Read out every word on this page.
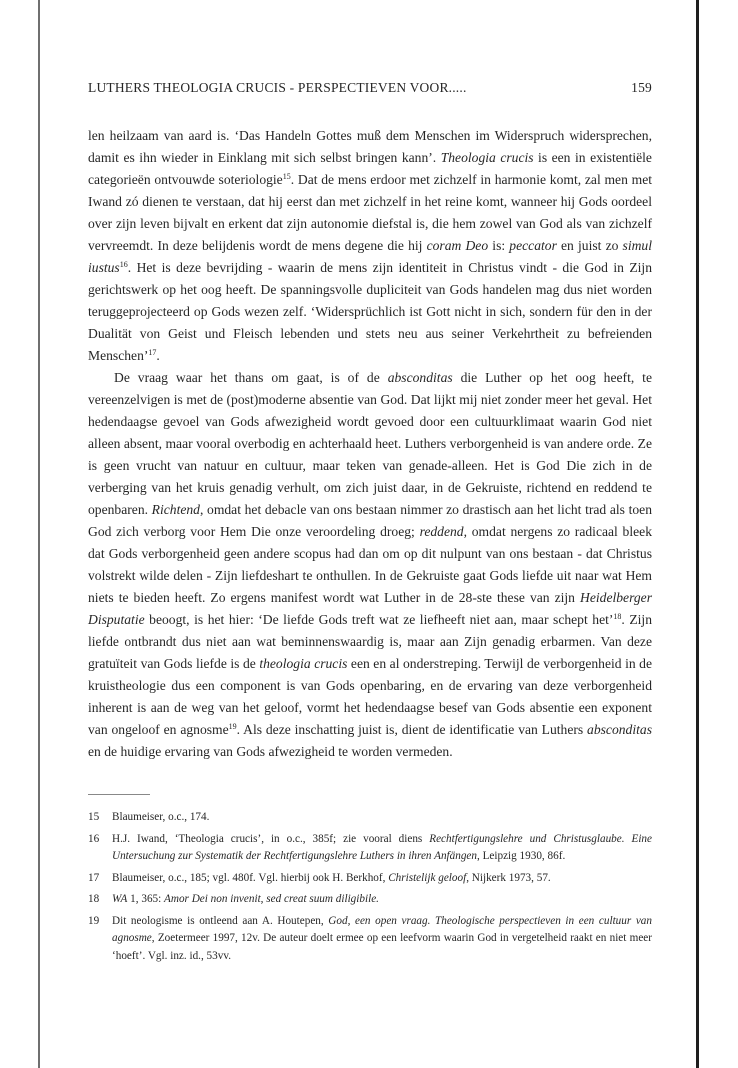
LUTHERS THEOLOGIA CRUCIS - PERSPECTIEVEN VOOR.....	159

len heilzaam van aard is. ‘Das Handeln Gottes muß dem Menschen im Widerspruch widersprechen, damit es ihn wieder in Einklang mit sich selbst bringen kann’. Theologia crucis is een in existentiële categorieën ontvouwde soteriologie$^{15}$. Dat de mens erdoor met zichzelf in harmonie komt, zal men met Iwand zó dienen te verstaan, dat hij eerst dan met zichzelf in het reine komt, wanneer hij Gods oordeel over zijn leven bijvalt en erkent dat zijn autonomie diefstal is, die hem zowel van God als van zichzelf vervreemdt. In deze belijdenis wordt de mens degene die hij coram Deo is: peccator en juist zo simul iustus$^{16}$. Het is deze bevrijding - waarin de mens zijn identiteit in Christus vindt - die God in Zijn gerichtswerk op het oog heeft. De spanningsvolle dupliciteit van Gods handelen mag dus niet worden teruggeprojecteerd op Gods wezen zelf. ‘Widersprüchlich ist Gott nicht in sich, sondern für den in der Dualität von Geist und Fleisch lebenden und stets neu aus seiner Verkehrtheit zu befreienden Menschen’$^{17}$.

De vraag waar het thans om gaat, is of de absconditas die Luther op het oog heeft, te vereenzelvigen is met de (post)moderne absentie van God. Dat lijkt mij niet zonder meer het geval. Het hedendaagse gevoel van Gods afwezigheid wordt gevoed door een cultuurklimaat waarin God niet alleen absent, maar vooral overbodig en achterhaald heet. Luthers verborgenheid is van andere orde. Ze is geen vrucht van natuur en cultuur, maar teken van genade-alleen. Het is God Die zich in de verberging van het kruis genadig verhult, om zich juist daar, in de Gekruiste, richtend en reddend te openbaren. Richtend, omdat het debacle van ons bestaan nimmer zo drastisch aan het licht trad als toen God zich verborg voor Hem Die onze veroordeling droeg; reddend, omdat nergens zo radicaal bleek dat Gods verborgenheid geen andere scopus had dan om op dit nulpunt van ons bestaan - dat Christus volstrekt wilde delen - Zijn liefdeshart te onthullen. In de Gekruiste gaat Gods liefde uit naar wat Hem niets te bieden heeft. Zo ergens manifest wordt wat Luther in de 28-ste these van zijn Heidelberger Disputatie beoogt, is het hier: ‘De liefde Gods treft wat ze liefheeft niet aan, maar schept het’$^{18}$. Zijn liefde ontbrandt dus niet aan wat beminnenswaardig is, maar aan Zijn genadig erbarmen. Van deze gratuïteit van Gods liefde is de theologia crucis een en al onderstreping. Terwijl de verborgenheid in de kruistheologie dus een component is van Gods openbaring, en de ervaring van deze verborgenheid inherent is aan de weg van het geloof, vormt het hedendaagse besef van Gods absentie een exponent van ongeloof en agnosme$^{19}$. Als deze inschatting juist is, dient de identificatie van Luthers absconditas en de huidige ervaring van Gods afwezigheid te worden vermeden.

15	Blaumeiser, o.c., 174.
16	H.J. Iwand, ‘Theologia crucis’, in o.c., 385f; zie vooral diens Rechtfertigungslehre und Christusglaube. Eine Untersuchung zur Systematik der Rechtfertigungslehre Luthers in ihren Anfängen, Leipzig 1930, 86f.
17	Blaumeiser, o.c., 185; vgl. 480f. Vgl. hierbij ook H. Berkhof, Christelijk geloof, Nijkerk 1973, 57.
18	WA 1, 365: Amor Dei non invenit, sed creat suum diligibile.
19	Dit neologisme is ontleend aan A. Houtepen, God, een open vraag. Theologische perspectieven in een cultuur van agnosme, Zoetermeer 1997, 12v. De auteur doelt ermee op een leefvorm waarin God in vergetelheid raakt en niet meer ‘hoeft’. Vgl. inz. id., 53vv.
